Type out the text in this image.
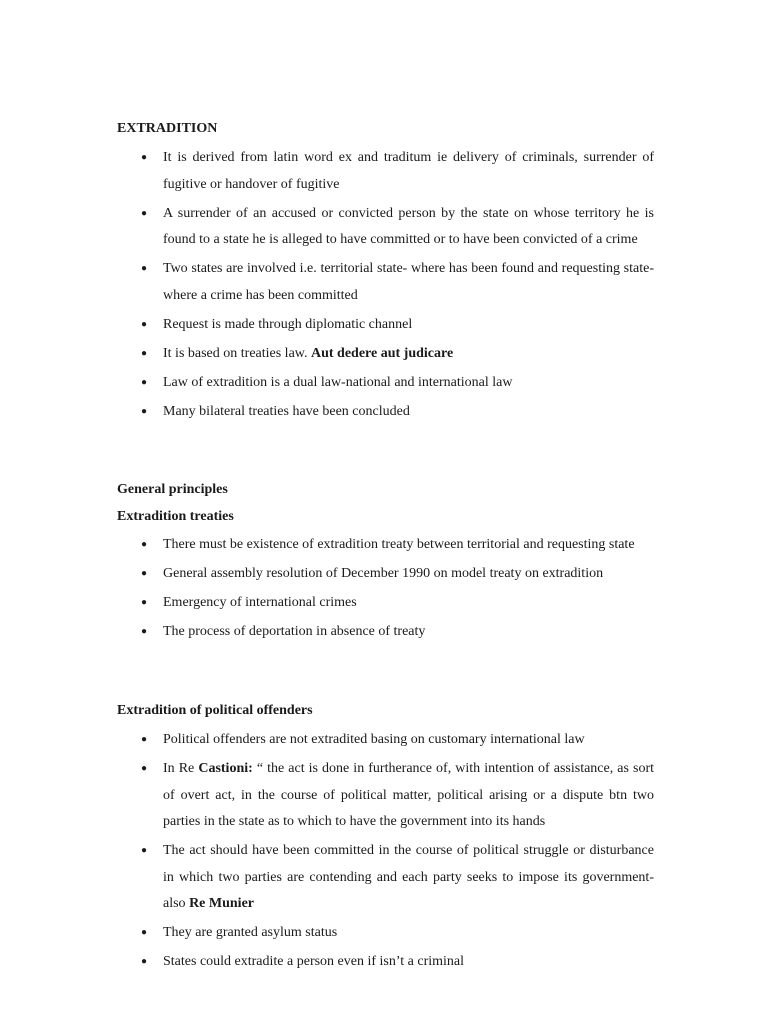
EXTRADITION
● It is derived from latin word ex and traditum ie delivery of criminals, surrender of fugitive or handover of fugitive
● A surrender of an accused or convicted person by the state on whose territory he is found to a state he is alleged to have committed or to have been convicted of a crime
● Two states are involved i.e. territorial state- where has been found and requesting state-where a crime has been committed
● Request is made through diplomatic channel
● It is based on treaties law. Aut dedere aut judicare
● Law of extradition is a dual law-national and international law
● Many bilateral treaties have been concluded
General principles
Extradition treaties
● There must be existence of extradition treaty between territorial and requesting state
● General assembly resolution of December 1990 on model treaty on extradition
● Emergency of international crimes
● The process of deportation in absence of treaty
Extradition of political offenders
● Political offenders are not extradited basing on customary international law
● In Re Castioni: “ the act is done in furtherance of, with intention of assistance, as sort of overt act, in the course of political matter, political arising or a dispute btn two parties in the state as to which to have the government into its hands
● The act should have been committed in the course of political struggle or disturbance in which two parties are contending and each party seeks to impose its government- also Re Munier
● They are granted asylum status
● States could extradite a person even if isn’t a criminal
